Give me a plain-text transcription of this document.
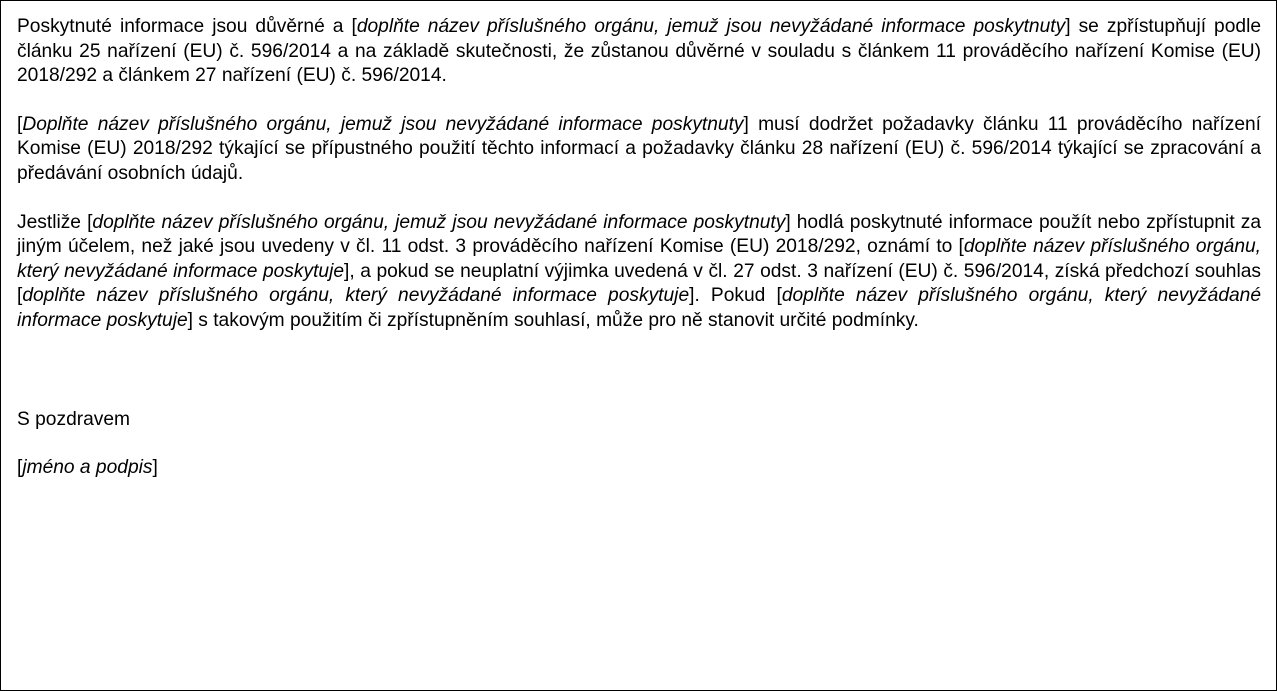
Poskytnuté informace jsou důvěrné a [doplňte název příslušného orgánu, jemuž jsou nevyžádané informace poskytnuty] se zpřístupňují podle článku 25 nařízení (EU) č. 596/2014 a na základě skutečnosti, že zůstanou důvěrné v souladu s článkem 11 prováděcího nařízení Komise (EU) 2018/292 a článkem 27 nařízení (EU) č. 596/2014.

[Doplňte název příslušného orgánu, jemuž jsou nevyžádané informace poskytnuty] musí dodržet požadavky článku 11 prováděcího nařízení Komise (EU) 2018/292 týkající se přípustného použití těchto informací a požadavky článku 28 nařízení (EU) č. 596/2014 týkající se zpracování a předávání osobních údajů.

Jestliže [doplňte název příslušného orgánu, jemuž jsou nevyžádané informace poskytnuty] hodlá poskytnuté informace použít nebo zpřístupnit za jiným účelem, než jaké jsou uvedeny v čl. 11 odst. 3 prováděcího nařízení Komise (EU) 2018/292, oznámí to [doplňte název příslušného orgánu, který nevyžádané informace poskytuje], a pokud se neuplatní výjimka uvedená v čl. 27 odst. 3 nařízení (EU) č. 596/2014, získá předchozí souhlas [doplňte název příslušného orgánu, který nevyžádané informace poskytuje]. Pokud [doplňte název příslušného orgánu, který nevyžádané informace poskytuje] s takovým použitím či zpřístupněním souhlasí, může pro ně stanovit určité podmínky.

S pozdravem

[jméno a podpis]
